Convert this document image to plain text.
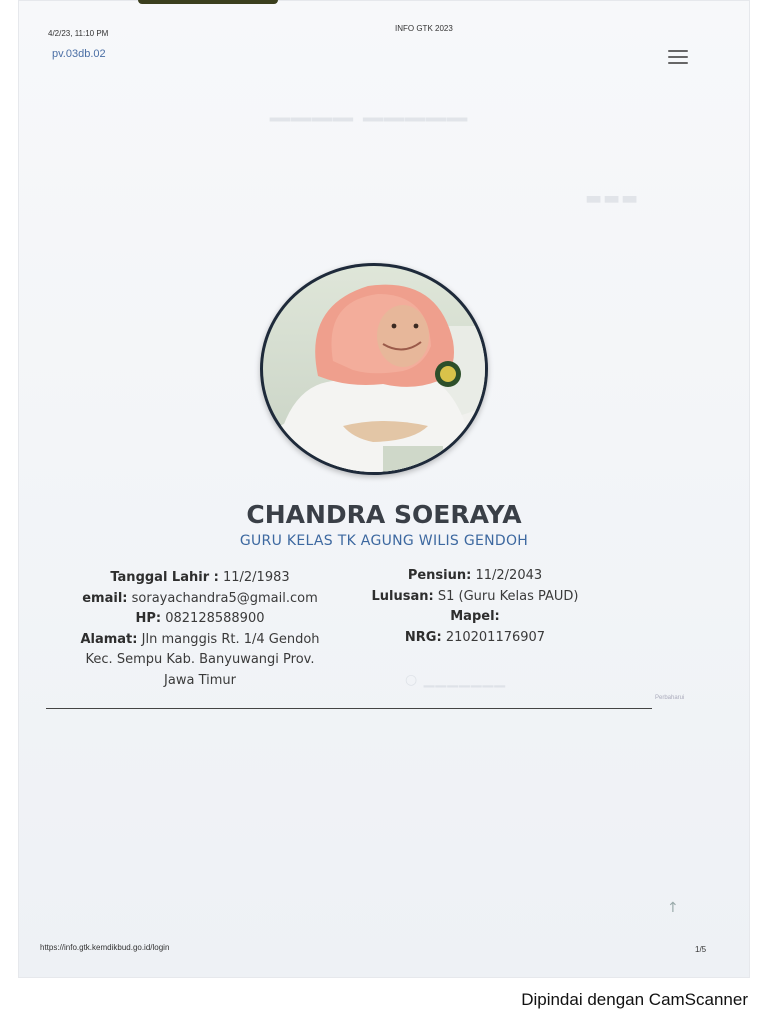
▁▁▁▁ ▁▁▁▁▁
▬▬▬
○ ▁▁▁▁▁▁▁
4/2/23, 11:10 PM
INFO GTK 2023
pv.03db.02
CHANDRA SOERAYA
GURU KELAS TK AGUNG WILIS GENDOH
Tanggal Lahir : 11/2/1983
email: sorayachandra5@gmail.com
HP: 082128588900
Alamat: Jln manggis Rt. 1/4 Gendoh
Kec. Sempu Kab. Banyuwangi Prov.
Jawa Timur
Pensiun: 11/2/2043
Lulusan: S1 (Guru Kelas PAUD)
Mapel:
NRG: 210201176907
Perbaharui
↑
https://info.gtk.kemdikbud.go.id/login	1/5
Dipindai dengan CamScanner
